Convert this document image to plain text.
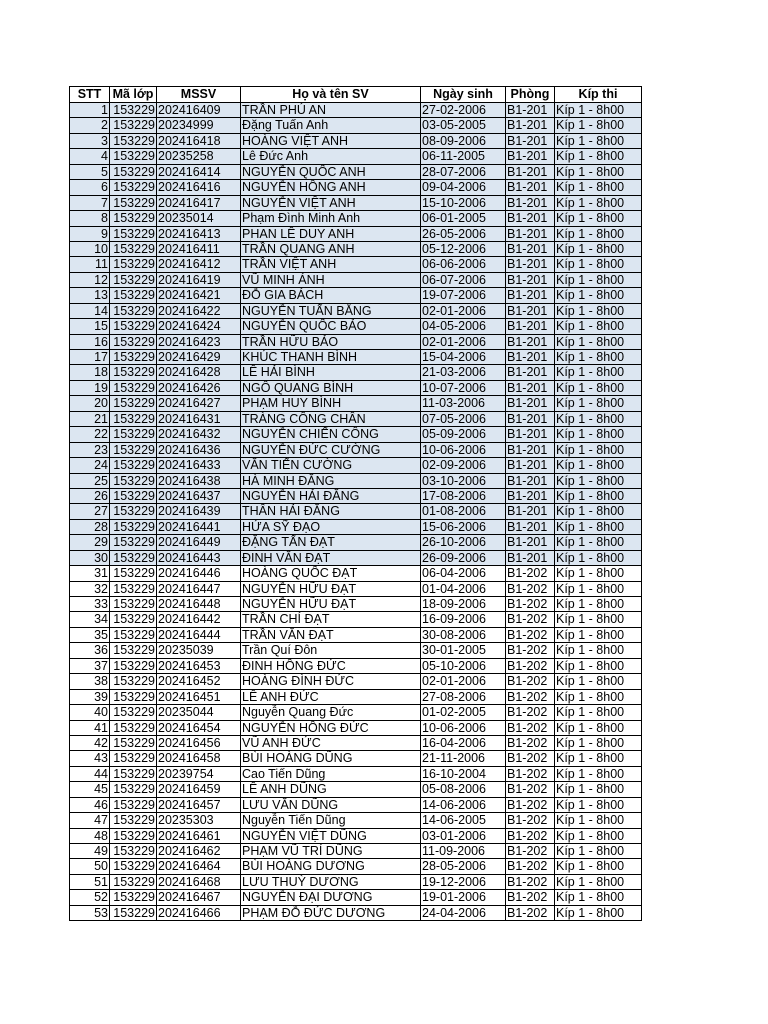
STT	Mã lớp	MSSV	Họ và tên SV	Ngày sinh	Phòng	Kíp thi
1	153229	202416409	TRẦN PHÚ AN	27-02-2006	B1-201	Kíp 1 - 8h00
2	153229	20234999	Đặng Tuấn Anh	03-05-2005	B1-201	Kíp 1 - 8h00
3	153229	202416418	HOÀNG VIỆT ANH	08-09-2006	B1-201	Kíp 1 - 8h00
4	153229	20235258	Lê Đức Anh	06-11-2005	B1-201	Kíp 1 - 8h00
5	153229	202416414	NGUYỄN QUỐC ANH	28-07-2006	B1-201	Kíp 1 - 8h00
6	153229	202416416	NGUYỄN HỒNG ANH	09-04-2006	B1-201	Kíp 1 - 8h00
7	153229	202416417	NGUYỄN VIỆT ANH	15-10-2006	B1-201	Kíp 1 - 8h00
8	153229	20235014	Phạm Đình Minh Anh	06-01-2005	B1-201	Kíp 1 - 8h00
9	153229	202416413	PHAN LÊ DUY ANH	26-05-2006	B1-201	Kíp 1 - 8h00
10	153229	202416411	TRẦN QUANG ANH	05-12-2006	B1-201	Kíp 1 - 8h00
11	153229	202416412	TRẦN VIỆT ANH	06-06-2006	B1-201	Kíp 1 - 8h00
12	153229	202416419	VŨ MINH ÁNH	06-07-2006	B1-201	Kíp 1 - 8h00
13	153229	202416421	ĐỖ GIA BÁCH	19-07-2006	B1-201	Kíp 1 - 8h00
14	153229	202416422	NGUYỄN TUẤN BẰNG	02-01-2006	B1-201	Kíp 1 - 8h00
15	153229	202416424	NGUYỄN QUỐC BẢO	04-05-2006	B1-201	Kíp 1 - 8h00
16	153229	202416423	TRẦN HỮU BẢO	02-01-2006	B1-201	Kíp 1 - 8h00
17	153229	202416429	KHÚC THANH BÌNH	15-04-2006	B1-201	Kíp 1 - 8h00
18	153229	202416428	LÊ HẢI BÌNH	21-03-2006	B1-201	Kíp 1 - 8h00
19	153229	202416426	NGÔ QUANG BÌNH	10-07-2006	B1-201	Kíp 1 - 8h00
20	153229	202416427	PHẠM HUY BÌNH	11-03-2006	B1-201	Kíp 1 - 8h00
21	153229	202416431	TRÀNG CÔNG CHÂN	07-05-2006	B1-201	Kíp 1 - 8h00
22	153229	202416432	NGUYỄN CHIẾN CÔNG	05-09-2006	B1-201	Kíp 1 - 8h00
23	153229	202416436	NGUYỄN ĐỨC CƯỜNG	10-06-2006	B1-201	Kíp 1 - 8h00
24	153229	202416433	VĂN TIẾN CƯỜNG	02-09-2006	B1-201	Kíp 1 - 8h00
25	153229	202416438	HÀ MINH ĐĂNG	03-10-2006	B1-201	Kíp 1 - 8h00
26	153229	202416437	NGUYỄN HẢI ĐĂNG	17-08-2006	B1-201	Kíp 1 - 8h00
27	153229	202416439	THÂN HẢI ĐĂNG	01-08-2006	B1-201	Kíp 1 - 8h00
28	153229	202416441	HỨA SỸ ĐẠO	15-06-2006	B1-201	Kíp 1 - 8h00
29	153229	202416449	ĐẶNG TẤN ĐẠT	26-10-2006	B1-201	Kíp 1 - 8h00
30	153229	202416443	ĐINH VĂN ĐẠT	26-09-2006	B1-201	Kíp 1 - 8h00
31	153229	202416446	HOÀNG QUỐC ĐẠT	06-04-2006	B1-202	Kíp 1 - 8h00
32	153229	202416447	NGUYỄN HỮU ĐẠT	01-04-2006	B1-202	Kíp 1 - 8h00
33	153229	202416448	NGUYỄN HỮU ĐẠT	18-09-2006	B1-202	Kíp 1 - 8h00
34	153229	202416442	TRẦN CHÍ ĐẠT	16-09-2006	B1-202	Kíp 1 - 8h00
35	153229	202416444	TRẦN VĂN ĐẠT	30-08-2006	B1-202	Kíp 1 - 8h00
36	153229	20235039	Trần Quí Đôn	30-01-2005	B1-202	Kíp 1 - 8h00
37	153229	202416453	ĐINH HỒNG ĐỨC	05-10-2006	B1-202	Kíp 1 - 8h00
38	153229	202416452	HOÀNG ĐÌNH ĐỨC	02-01-2006	B1-202	Kíp 1 - 8h00
39	153229	202416451	LÊ ANH ĐỨC	27-08-2006	B1-202	Kíp 1 - 8h00
40	153229	20235044	Nguyễn Quang Đức	01-02-2005	B1-202	Kíp 1 - 8h00
41	153229	202416454	NGUYỄN HỒNG ĐỨC	10-06-2006	B1-202	Kíp 1 - 8h00
42	153229	202416456	VŨ ANH ĐỨC	16-04-2006	B1-202	Kíp 1 - 8h00
43	153229	202416458	BÙI HOÀNG DŨNG	21-11-2006	B1-202	Kíp 1 - 8h00
44	153229	20239754	Cao Tiến Dũng	16-10-2004	B1-202	Kíp 1 - 8h00
45	153229	202416459	LÊ ANH DŨNG	05-08-2006	B1-202	Kíp 1 - 8h00
46	153229	202416457	LƯU VĂN DŨNG	14-06-2006	B1-202	Kíp 1 - 8h00
47	153229	20235303	Nguyễn Tiến Dũng	14-06-2005	B1-202	Kíp 1 - 8h00
48	153229	202416461	NGUYỄN VIỆT DŨNG	03-01-2006	B1-202	Kíp 1 - 8h00
49	153229	202416462	PHẠM VŨ TRÍ DŨNG	11-09-2006	B1-202	Kíp 1 - 8h00
50	153229	202416464	BÙI HOÀNG DƯƠNG	28-05-2006	B1-202	Kíp 1 - 8h00
51	153229	202416468	LƯU THUỲ DƯƠNG	19-12-2006	B1-202	Kíp 1 - 8h00
52	153229	202416467	NGUYỄN ĐẠI DƯƠNG	19-01-2006	B1-202	Kíp 1 - 8h00
53	153229	202416466	PHẠM ĐỖ ĐỨC DƯƠNG	24-04-2006	B1-202	Kíp 1 - 8h00
